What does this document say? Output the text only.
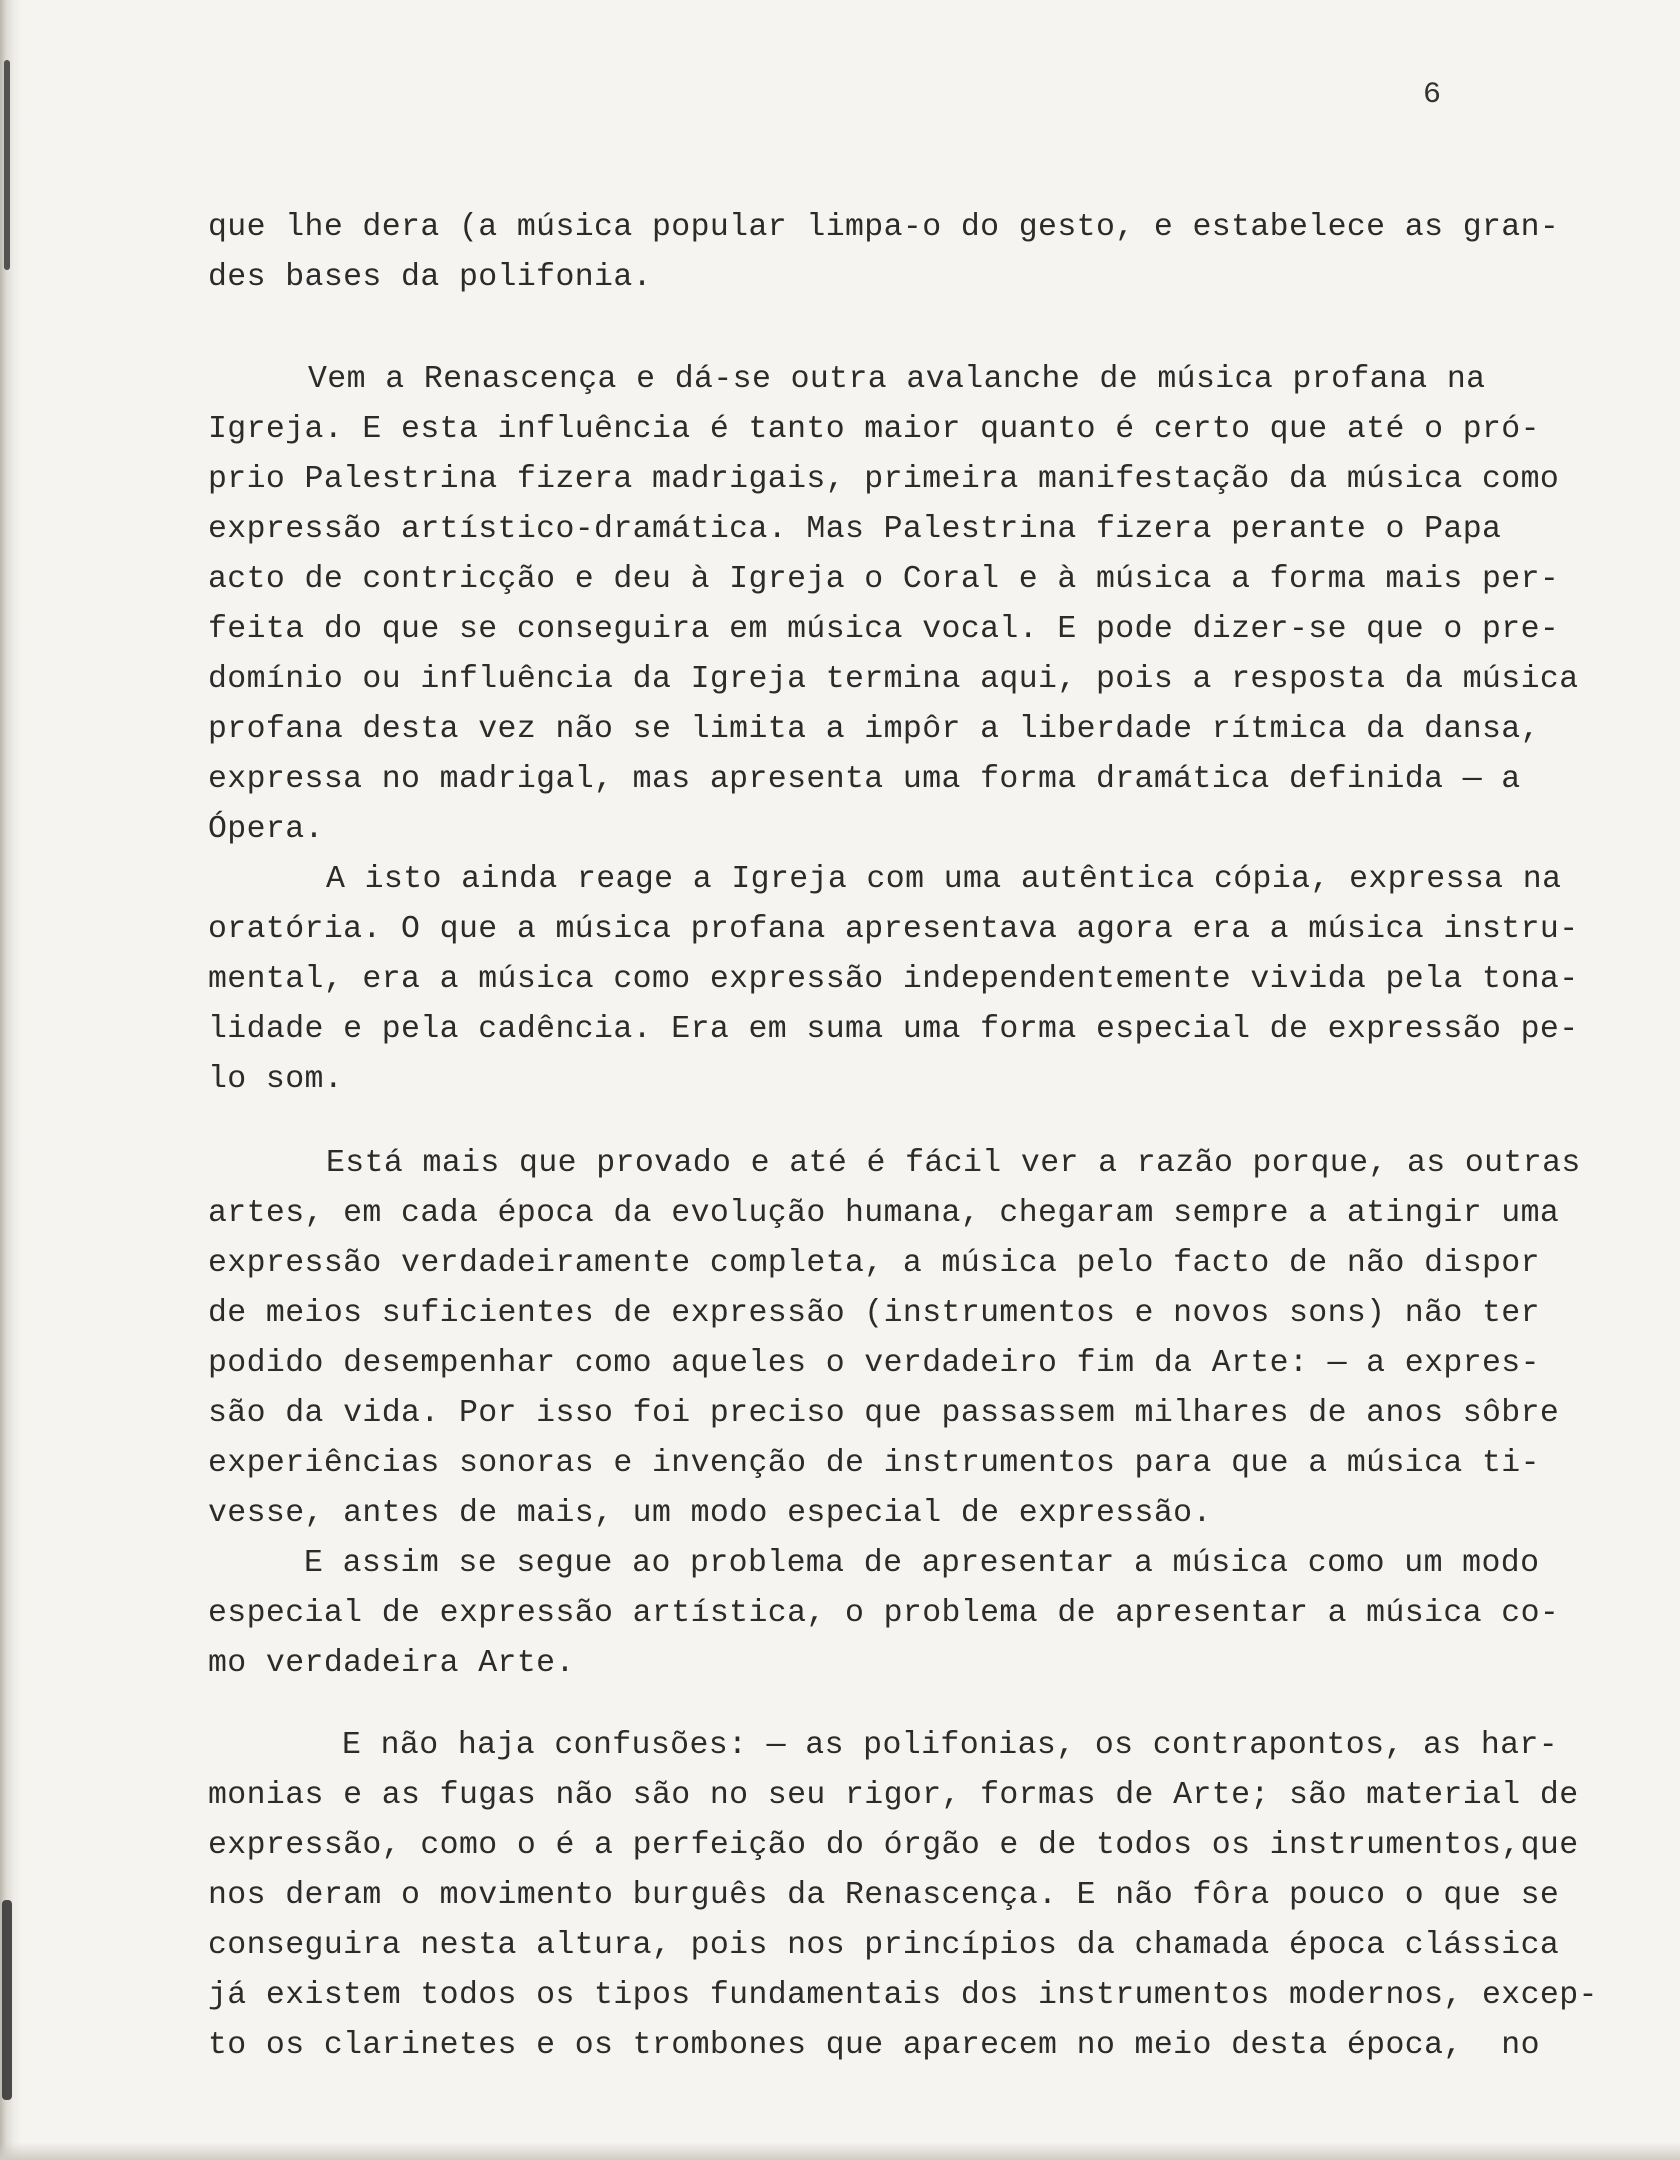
6
que lhe dera (a música popular limpa-o do gesto, e estabelece as gran-
des bases da polifonia.
Vem a Renascença e dá-se outra avalanche de música profana na
Igreja. E esta influência é tanto maior quanto é certo que até o pró-
prio Palestrina fizera madrigais, primeira manifestação da música como
expressão artístico-dramática. Mas Palestrina fizera perante o Papa
acto de contricção e deu à Igreja o Coral e à música a forma mais per-
feita do que se conseguira em música vocal. E pode dizer-se que o pre-
domínio ou influência da Igreja termina aqui, pois a resposta da música
profana desta vez não se limita a impôr a liberdade rítmica da dansa,
expressa no madrigal, mas apresenta uma forma dramática definida — a
Ópera.
A isto ainda reage a Igreja com uma autêntica cópia, expressa na
oratória. O que a música profana apresentava agora era a música instru-
mental, era a música como expressão independentemente vivida pela tona-
lidade e pela cadência. Era em suma uma forma especial de expressão pe-
lo som.
Está mais que provado e até é fácil ver a razão porque, as outras
artes, em cada época da evolução humana, chegaram sempre a atingir uma
expressão verdadeiramente completa, a música pelo facto de não dispor
de meios suficientes de expressão (instrumentos e novos sons) não ter
podido desempenhar como aqueles o verdadeiro fim da Arte: — a expres-
são da vida. Por isso foi preciso que passassem milhares de anos sôbre
experiências sonoras e invenção de instrumentos para que a música ti-
vesse, antes de mais, um modo especial de expressão.
E assim se segue ao problema de apresentar a música como um modo
especial de expressão artística, o problema de apresentar a música co-
mo verdadeira Arte.
E não haja confusões: — as polifonias, os contrapontos, as har-
monias e as fugas não são no seu rigor, formas de Arte; são material de
expressão, como o é a perfeição do órgão e de todos os instrumentos,que
nos deram o movimento burguês da Renascença. E não fôra pouco o que se
conseguira nesta altura, pois nos princípios da chamada época clássica
já existem todos os tipos fundamentais dos instrumentos modernos, excep-
to os clarinetes e os trombones que aparecem no meio desta época,  no
